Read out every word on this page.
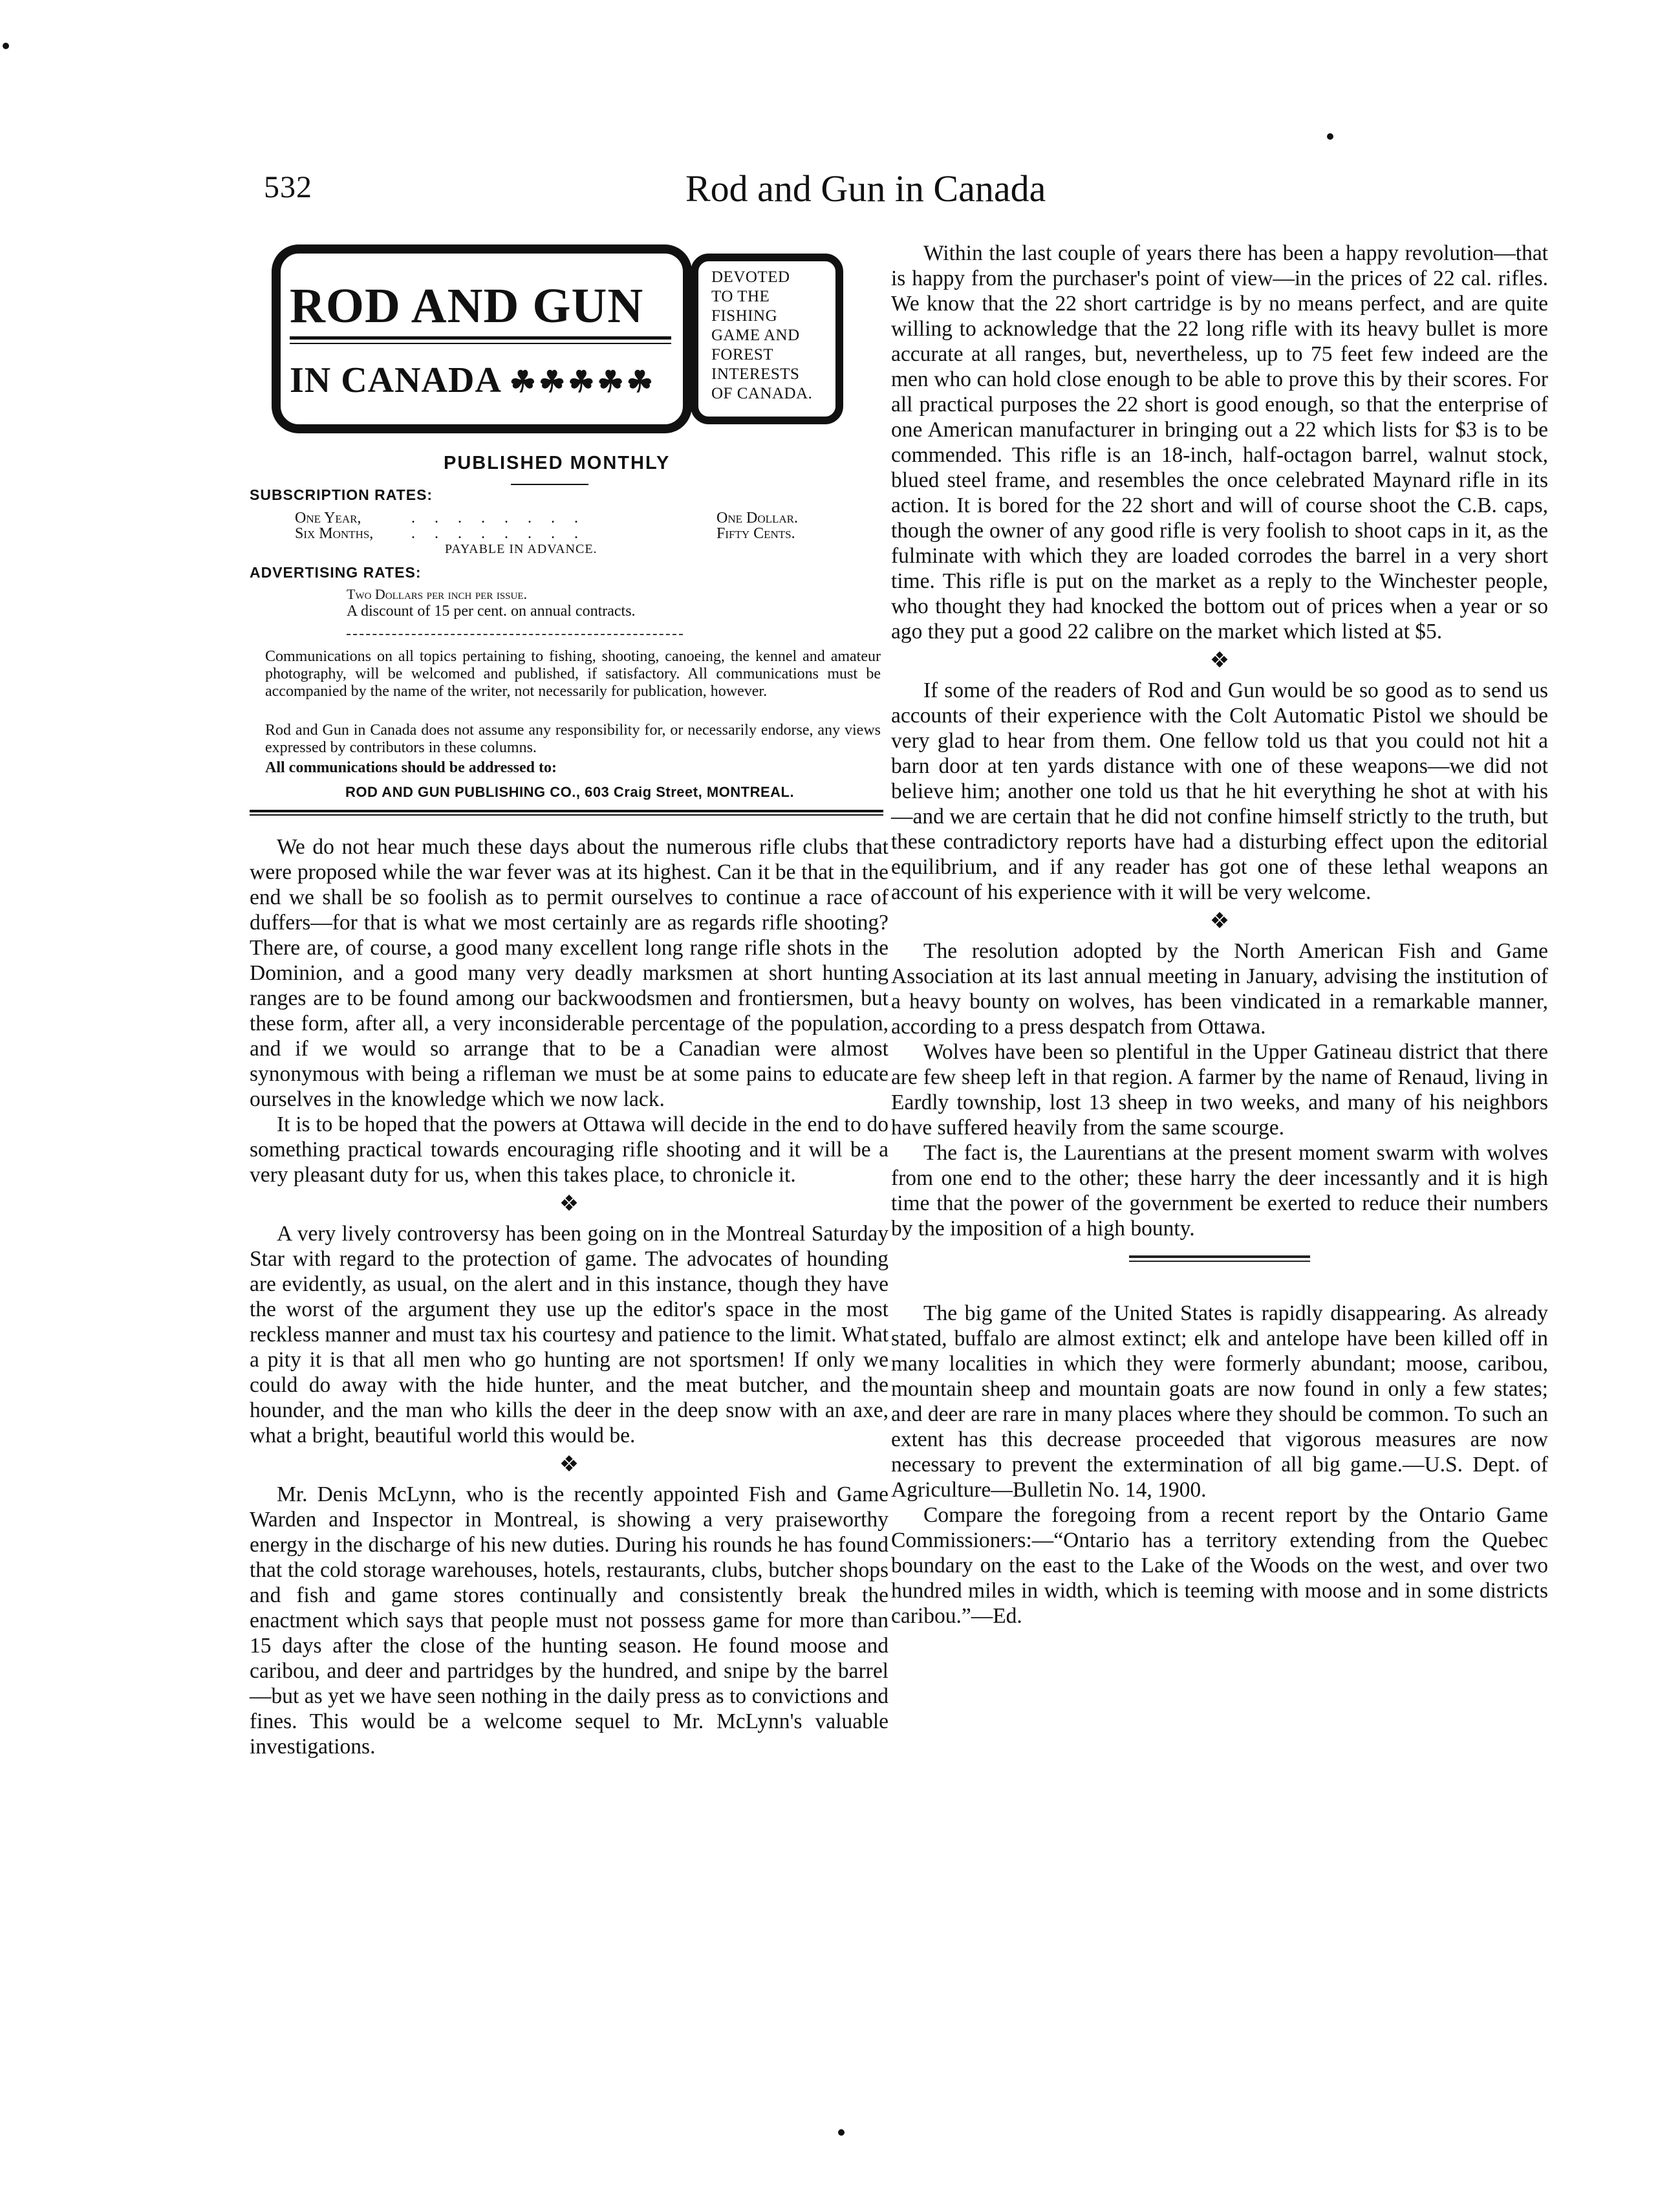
532	Rod and Gun in Canada
ROD AND GUN
IN CANADA ☘☘☘☘☘
DEVOTED
TO THE
FISHING
GAME AND
FOREST
INTERESTS
OF CANADA.
PUBLISHED MONTHLY
SUBSCRIPTION RATES:
One Year,	. . . . . . . .	One Dollar.
Six Months, . . . . . . . .	Fifty Cents.
PAYABLE IN ADVANCE.
ADVERTISING RATES:
Two Dollars per inch per issue.
A discount of 15 per cent. on annual contracts.
Communications on all topics pertaining to fishing, shooting, canoeing, the kennel and amateur photography, will be welcomed and published, if satisfactory. All communications must be accompanied by the name of the writer, not necessarily for publication, however.
Rod and Gun in Canada does not assume any responsibility for, or necessarily endorse, any views expressed by contributors in these columns.
All communications should be addressed to:
ROD AND GUN PUBLISHING CO., 603 Craig Street, MONTREAL.

We do not hear much these days about the numerous rifle clubs that were proposed while the war fever was at its highest. Can it be that in the end we shall be so foolish as to permit ourselves to continue a race of duffers—for that is what we most certainly are as regards rifle shooting? There are, of course, a good many excellent long range rifle shots in the Dominion, and a good many very deadly marksmen at short hunting ranges are to be found among our backwoodsmen and frontiersmen, but these form, after all, a very inconsiderable percentage of the population, and if we would so arrange that to be a Canadian were almost synonymous with being a rifleman we must be at some pains to educate ourselves in the knowledge which we now lack.

It is to be hoped that the powers at Ottawa will decide in the end to do something practical towards encouraging rifle shooting and it will be a very pleasant duty for us, when this takes place, to chronicle it.

❖

A very lively controversy has been going on in the Montreal Saturday Star with regard to the protection of game. The advocates of hounding are evidently, as usual, on the alert and in this instance, though they have the worst of the argument they use up the editor's space in the most reckless manner and must tax his courtesy and patience to the limit. What a pity it is that all men who go hunting are not sportsmen! If only we could do away with the hide hunter, and the meat butcher, and the hounder, and the man who kills the deer in the deep snow with an axe, what a bright, beautiful world this would be.

❖

Mr. Denis McLynn, who is the recently appointed Fish and Game Warden and Inspector in Montreal, is showing a very praiseworthy energy in the discharge of his new duties. During his rounds he has found that the cold storage warehouses, hotels, restaurants, clubs, butcher shops and fish and game stores continually and consistently break the enactment which says that people must not possess game for more than 15 days after the close of the hunting season. He found moose and caribou, and deer and partridges by the hundred, and snipe by the barrel—but as yet we have seen nothing in the daily press as to convictions and fines. This would be a welcome sequel to Mr. McLynn's valuable investigations.

Within the last couple of years there has been a happy revolution—that is happy from the purchaser's point of view—in the prices of 22 cal. rifles. We know that the 22 short cartridge is by no means perfect, and are quite willing to acknowledge that the 22 long rifle with its heavy bullet is more accurate at all ranges, but, nevertheless, up to 75 feet few indeed are the men who can hold close enough to be able to prove this by their scores. For all practical purposes the 22 short is good enough, so that the enterprise of one American manufacturer in bringing out a 22 which lists for $3 is to be commended. This rifle is an 18-inch, half-octagon barrel, walnut stock, blued steel frame, and resembles the once celebrated Maynard rifle in its action. It is bored for the 22 short and will of course shoot the C.B. caps, though the owner of any good rifle is very foolish to shoot caps in it, as the fulminate with which they are loaded corrodes the barrel in a very short time. This rifle is put on the market as a reply to the Winchester people, who thought they had knocked the bottom out of prices when a year or so ago they put a good 22 calibre on the market which listed at $5.

❖

If some of the readers of Rod and Gun would be so good as to send us accounts of their experience with the Colt Automatic Pistol we should be very glad to hear from them. One fellow told us that you could not hit a barn door at ten yards distance with one of these weapons—we did not believe him; another one told us that he hit everything he shot at with his —and we are certain that he did not confine himself strictly to the truth, but these contradictory reports have had a disturbing effect upon the editorial equilibrium, and if any reader has got one of these lethal weapons an account of his experience with it will be very welcome.

❖

The resolution adopted by the North American Fish and Game Association at its last annual meeting in January, advising the institution of a heavy bounty on wolves, has been vindicated in a remarkable manner, according to a press despatch from Ottawa.

Wolves have been so plentiful in the Upper Gatineau district that there are few sheep left in that region. A farmer by the name of Renaud, living in Eardly township, lost 13 sheep in two weeks, and many of his neighbors have suffered heavily from the same scourge.

The fact is, the Laurentians at the present moment swarm with wolves from one end to the other; these harry the deer incessantly and it is high time that the power of the government be exerted to reduce their numbers by the imposition of a high bounty.

The big game of the United States is rapidly disappearing. As already stated, buffalo are almost extinct; elk and antelope have been killed off in many localities in which they were formerly abundant; moose, caribou, mountain sheep and mountain goats are now found in only a few states; and deer are rare in many places where they should be common. To such an extent has this decrease proceeded that vigorous measures are now necessary to prevent the extermination of all big game.—U.S. Dept. of Agriculture—Bulletin No. 14, 1900.

Compare the foregoing from a recent report by the Ontario Game Commissioners:—“Ontario has a territory extending from the Quebec boundary on the east to the Lake of the Woods on the west, and over two hundred miles in width, which is teeming with moose and in some districts caribou.”—Ed.
